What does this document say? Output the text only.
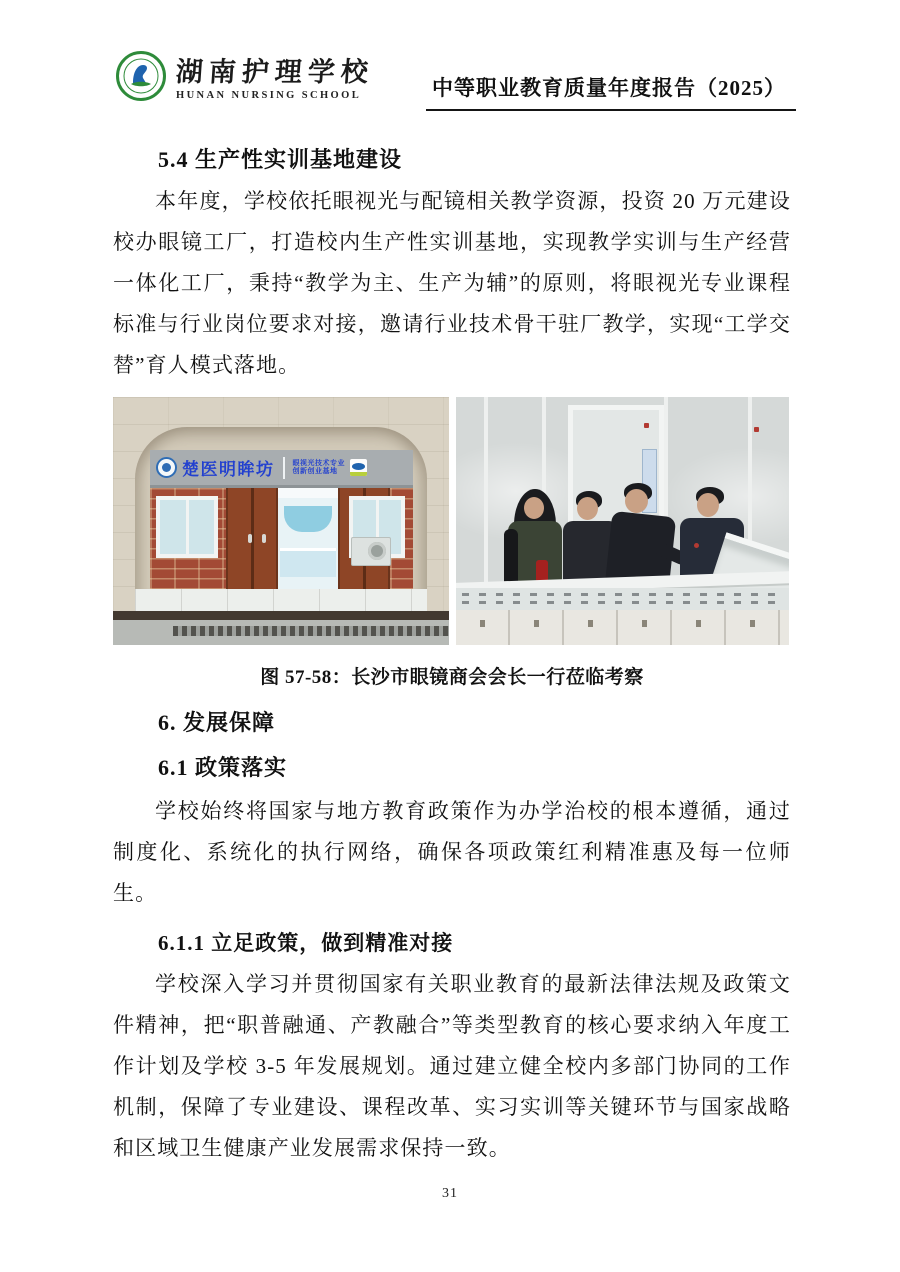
湖南护理学校
HUNAN NURSING SCHOOL	中等职业教育质量年度报告（2025）
5.4 生产性实训基地建设

本年度，学校依托眼视光与配镜相关教学资源，投资 20 万元建设校办眼镜工厂，打造校内生产性实训基地，实现教学实训与生产经营一体化工厂，秉持“教学为主、生产为辅”的原则，将眼视光专业课程标准与行业岗位要求对接，邀请行业技术骨干驻厂教学，实现“工学交替”育人模式落地。

楚医明眸坊	眼视光技术专业
创新创业基地

图 57-58：长沙市眼镜商会会长一行莅临考察

6. 发展保障
6.1 政策落实

学校始终将国家与地方教育政策作为办学治校的根本遵循，通过制度化、系统化的执行网络，确保各项政策红利精准惠及每一位师生。

6.1.1 立足政策，做到精准对接

学校深入学习并贯彻国家有关职业教育的最新法律法规及政策文件精神，把“职普融通、产教融合”等类型教育的核心要求纳入年度工作计划及学校 3-5 年发展规划。通过建立健全校内多部门协同的工作机制，保障了专业建设、课程改革、实习实训等关键环节与国家战略和区域卫生健康产业发展需求保持一致。

31
